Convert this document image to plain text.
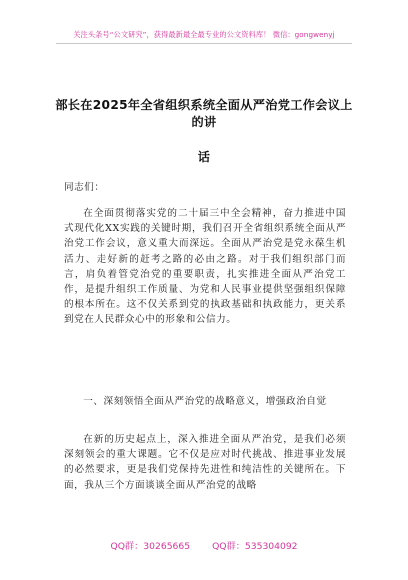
关注头条号“公文研究”，获得最新最全最专业的公文资料库！ 微信：gongwenyj
部长在2025年全省组织系统全面从严治党工作会议上的讲
话
同志们：
在全面贯彻落实党的二十届三中全会精神，奋力推进中国式现代化XX实践的关键时期，我们召开全省组织系统全面从严治党工作会议，意义重大而深远。全面从严治党是党永葆生机活力、走好新的赶考之路的必由之路。对于我们组织部门而言，肩负着管党治党的重要职责，扎实推进全面从严治党工作，是提升组织工作质量、为党和人民事业提供坚强组织保障的根本所在。这不仅关系到党的执政基础和执政能力，更关系到党在人民群众心中的形象和公信力。
一、深刻领悟全面从严治党的战略意义，增强政治自觉
在新的历史起点上，深入推进全面从严治党，是我们必须深刻领会的重大课题。它不仅是应对时代挑战、推进事业发展的必然要求，更是我们党保持先进性和纯洁性的关键所在。下面，我从三个方面谈谈全面从严治党的战略
QQ群：30265665 QQ群：535304092
